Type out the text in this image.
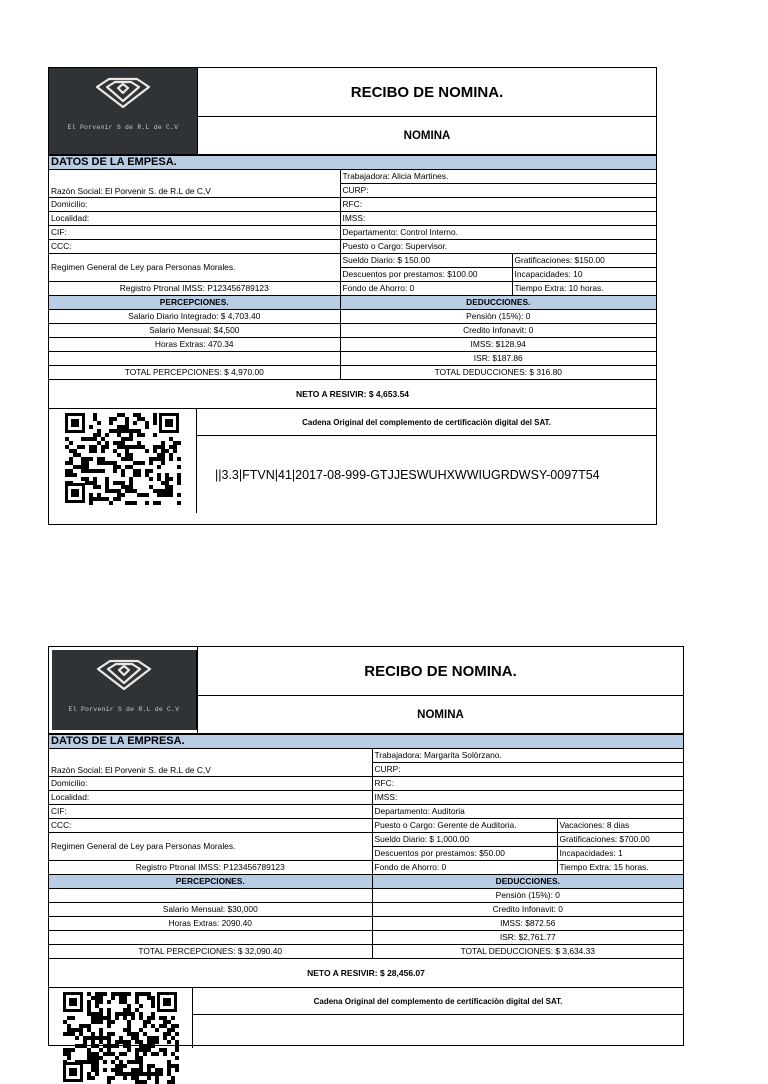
El Porvenir S de R.L de C.V
RECIBO DE NOMINA.
NOMINA
DATOS DE LA EMPESA.		
Razòn Social: El Porvenir S. de R.L de C,V	Trabajadora: Alicia Martines.	
	CURP:	
Domicilio:	RFC:	
Localidad:	IMSS:	
CIF:	Departamento: Control Interno.	
CCC:	Puesto o Cargo: Supervisor.	
Regimen General de Ley para Personas Morales.	Sueldo Diario: $ 150.00	Gratificaciones: $150.00
	Descuentos por prestamos: $100.00	Incapacidades: 10
Registro Ptronal IMSS: P123456789123	Fondo de Ahorro: 0	Tiempo Extra: 10 horas.
PERCEPCIONES.	DEDUCCIONES.	
Salario Diario Integrado: $ 4,703.40	Pensiòn (15%): 0	
Salario Mensual: $4,500	Credito Infonavit: 0	
Horas Extras: 470.34	IMSS: $128.94	
	ISR: $187.86	
TOTAL PERCEPCIONES: $ 4,970.00	TOTAL DEDUCCIONES: $ 316.80	
NETO A RESIVIR: $ 4,653.54
Cadena Original del complemento de certificaciòn digital del SAT.
||3.3|FTVN|41|2017-08-999-GTJJESWUHXWWIUGRDWSY-0097T54
El Porvenir S de R.L de C.V
RECIBO DE NOMINA.
NOMINA
DATOS DE LA EMPRESA.		
Razòn Social: El Porvenir S. de R.L de C,V	Trabajadora: Margarita Solòrzano.	
	CURP:	
Domicilio:	RFC:	
Localidad:	IMSS:	
CIF:	Departamento: Auditoria	
CCC:	Puesto o Cargo: Gerente de Auditoria.	Vacaciones: 8 dias
Regimen General de Ley para Personas Morales.	Sueldo Diario: $ 1,000.00	Gratificaciones: $700.00
	Descuentos por prestamos: $50.00	Incapacidades: 1
Registro Ptronal IMSS: P123456789123	Fondo de Ahorro: 0	Tiempo Extra: 15 horas.
PERCEPCIONES.	DEDUCCIONES.	
	Pensiòn (15%): 0	
Salario Mensual: $30,000	Credito Infonavit: 0	
Horas Extras: 2090.40	IMSS: $872.56	
	ISR: $2,761.77	
TOTAL PERCEPCIONES: $ 32,090.40	TOTAL DEDUCCIONES: $ 3,634.33	
NETO A RESIVIR: $ 28,456.07
Cadena Original del complemento de certificaciòn digital del SAT.
